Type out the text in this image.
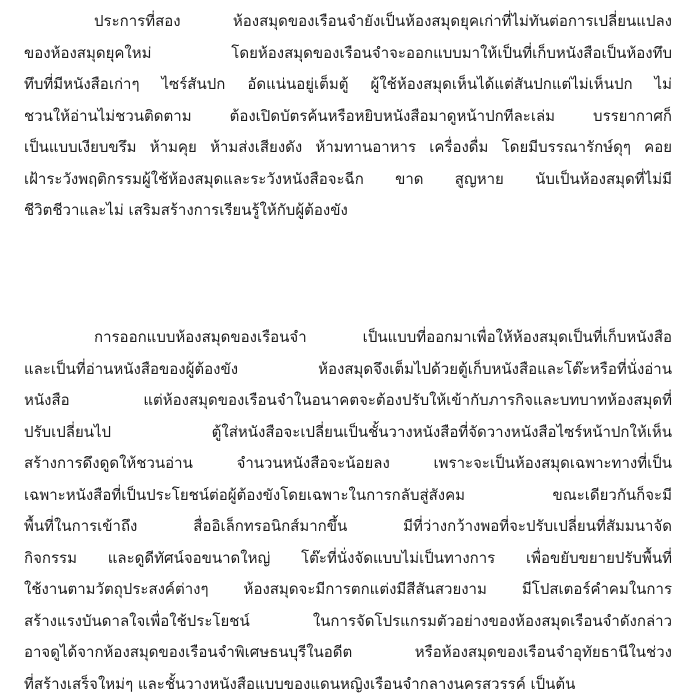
ประการที่สอง ห้องสมุดของเรือนจำยังเป็นห้องสมุดยุคเก่าที่ไม่ทันต่อการเปลี่ยนแปลง
ของห้องสมุดยุคใหม่ โดยห้องสมุดของเรือนจำจะออกแบบมาให้เป็นที่เก็บหนังสือเป็นห้องทึบ
ทึบที่มีหนังสือเก่าๆ ไซร์สันปก อัดแน่นอยู่เต็มตู้ ผู้ใช้ห้องสมุดเห็นได้แต่สันปกแต่ไม่เห็นปก ไม่
ชวนให้อ่านไม่ชวนติดตาม ต้องเปิดบัตรค้นหรือหยิบหนังสือมาดูหน้าปกทีละเล่ม บรรยากาศก็
เป็นแบบเงียบขรึม ห้ามคุย ห้ามส่งเสียงดัง ห้ามทานอาหาร เครื่องดื่ม โดยมีบรรณารักษ์ดุๆ คอย
เฝ้าระวังพฤติกรรมผู้ใช้ห้องสมุดและระวังหนังสือจะฉีก ขาด สูญหาย นับเป็นห้องสมุดที่ไม่มี
ชีวิตชีวาและไม่ เสริมสร้างการเรียนรู้ให้กับผู้ต้องขัง
การออกแบบห้องสมุดของเรือนจำ เป็นแบบที่ออกมาเพื่อให้ห้องสมุดเป็นที่เก็บหนังสือ
และเป็นที่อ่านหนังสือของผู้ต้องขัง ห้องสมุดจึงเต็มไปด้วยตู้เก็บหนังสือและโต๊ะหรือที่นั่งอ่าน
หนังสือ แต่ห้องสมุดของเรือนจำในอนาคตจะต้องปรับให้เข้ากับภารกิจและบทบาทห้องสมุดที่
ปรับเปลี่ยนไป ตู้ใส่หนังสือจะเปลี่ยนเป็นชั้นวางหนังสือที่จัดวางหนังสือไซร์หน้าปกให้เห็น
สร้างการดึงดูดให้ชวนอ่าน จำนวนหนังสือจะน้อยลง เพราะจะเป็นห้องสมุดเฉพาะทางที่เป็น
เฉพาะหนังสือที่เป็นประโยชน์ต่อผู้ต้องขังโดยเฉพาะในการกลับสู่สังคม ขณะเดียวกันก็จะมี
พื้นที่ในการเข้าถึง สื่ออิเล็กทรอนิกส์มากขึ้น มีที่ว่างกว้างพอที่จะปรับเปลี่ยนที่สัมมนาจัด
กิจกรรม และดูดีทัศน์จอขนาดใหญ่ โต๊ะที่นั่งจัดแบบไม่เป็นทางการ เพื่อขยับขยายปรับพื้นที่
ใช้งานตามวัตถุประสงค์ต่างๆ ห้องสมุดจะมีการตกแต่งมีสีสันสวยงาม มีโปสเตอร์คำคมในการ
สร้างแรงบันดาลใจเพื่อใช้ประโยชน์ ในการจัดโปรแกรมตัวอย่างของห้องสมุดเรือนจำดังกล่าว
อาจดูได้จากห้องสมุดของเรือนจำพิเศษธนบุรีในอดีต หรือห้องสมุดของเรือนจำอุทัยธานีในช่วง
ที่สร้างเสร็จใหม่ๆ และชั้นวางหนังสือแบบของแดนหญิงเรือนจำกลางนครสวรรค์ เป็นต้น
